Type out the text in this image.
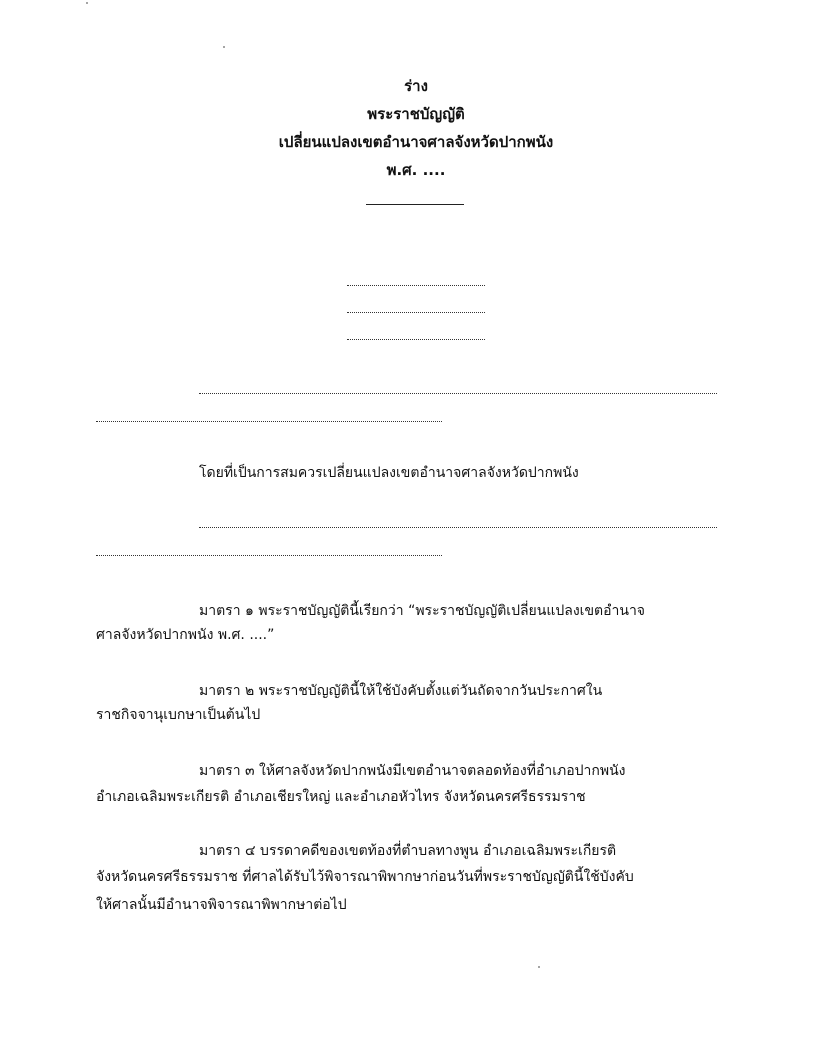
ร่าง
พระราชบัญญัติ
เปลี่ยนแปลงเขตอำนาจศาลจังหวัดปากพนัง
พ.ศ. ....
โดยที่เป็นการสมควรเปลี่ยนแปลงเขตอำนาจศาลจังหวัดปากพนัง
มาตรา ๑ พระราชบัญญัตินี้เรียกว่า “พระราชบัญญัติเปลี่ยนแปลงเขตอำนาจ
ศาลจังหวัดปากพนัง พ.ศ. ....”
มาตรา ๒ พระราชบัญญัตินี้ให้ใช้บังคับตั้งแต่วันถัดจากวันประกาศใน
ราชกิจจานุเบกษาเป็นต้นไป
มาตรา ๓ ให้ศาลจังหวัดปากพนังมีเขตอำนาจตลอดท้องที่อำเภอปากพนัง
อำเภอเฉลิมพระเกียรติ อำเภอเชียรใหญ่ และอำเภอหัวไทร จังหวัดนครศรีธรรมราช
มาตรา ๔ บรรดาคดีของเขตท้องที่ตำบลทางพูน อำเภอเฉลิมพระเกียรติ
จังหวัดนครศรีธรรมราช ที่ศาลได้รับไว้พิจารณาพิพากษาก่อนวันที่พระราชบัญญัตินี้ใช้บังคับ
ให้ศาลนั้นมีอำนาจพิจารณาพิพากษาต่อไป
